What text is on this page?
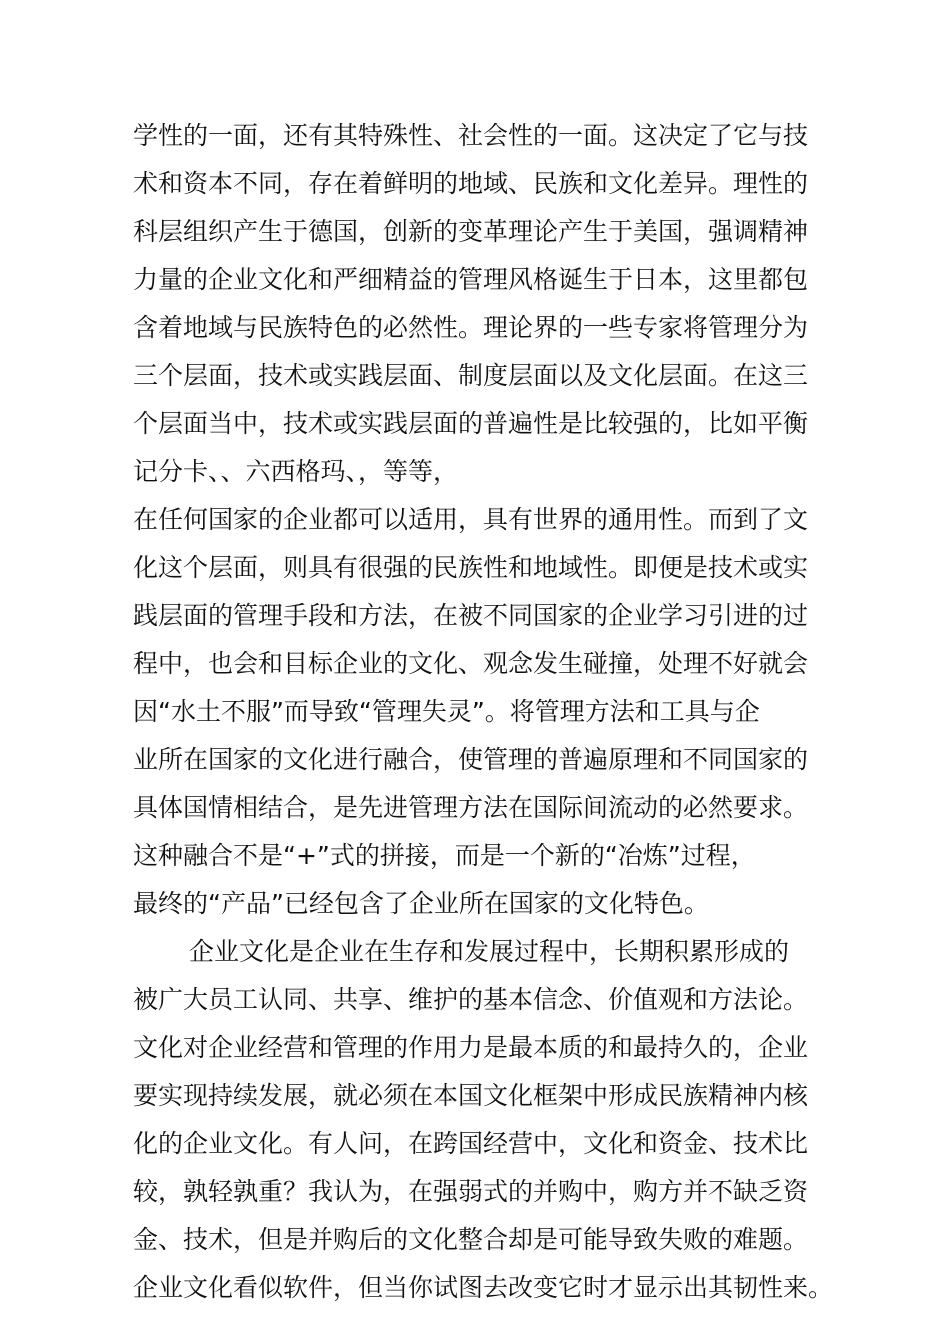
学性的一面，还有其特殊性、社会性的一面。这决定了它与技
术和资本不同，存在着鲜明的地域、民族和文化差异。理性的
科层组织产生于德国，创新的变革理论产生于美国，强调精神
力量的企业文化和严细精益的管理风格诞生于日本，这里都包
含着地域与民族特色的必然性。理论界的一些专家将管理分为
三个层面，技术或实践层面、制度层面以及文化层面。在这三
个层面当中，技术或实践层面的普遍性是比较强的，比如平衡
记分卡、、六西格玛、，等等，
在任何国家的企业都可以适用，具有世界的通用性。而到了文
化这个层面，则具有很强的民族性和地域性。即便是技术或实
践层面的管理手段和方法，在被不同国家的企业学习引进的过
程中，也会和目标企业的文化、观念发生碰撞，处理不好就会
因“水土不服”而导致“管理失灵”。将管理方法和工具与企
业所在国家的文化进行融合，使管理的普遍原理和不同国家的
具体国情相结合，是先进管理方法在国际间流动的必然要求。
这种融合不是“+”式的拼接，而是一个新的“冶炼”过程，
最终的“产品”已经包含了企业所在国家的文化特色。
企业文化是企业在生存和发展过程中，长期积累形成的
被广大员工认同、共享、维护的基本信念、价值观和方法论。
文化对企业经营和管理的作用力是最本质的和最持久的，企业
要实现持续发展，就必须在本国文化框架中形成民族精神内核
化的企业文化。有人问，在跨国经营中，文化和资金、技术比
较，孰轻孰重？我认为，在强弱式的并购中，购方并不缺乏资
金、技术，但是并购后的文化整合却是可能导致失败的难题。
企业文化看似软件，但当你试图去改变它时才显示出其韧性来。
